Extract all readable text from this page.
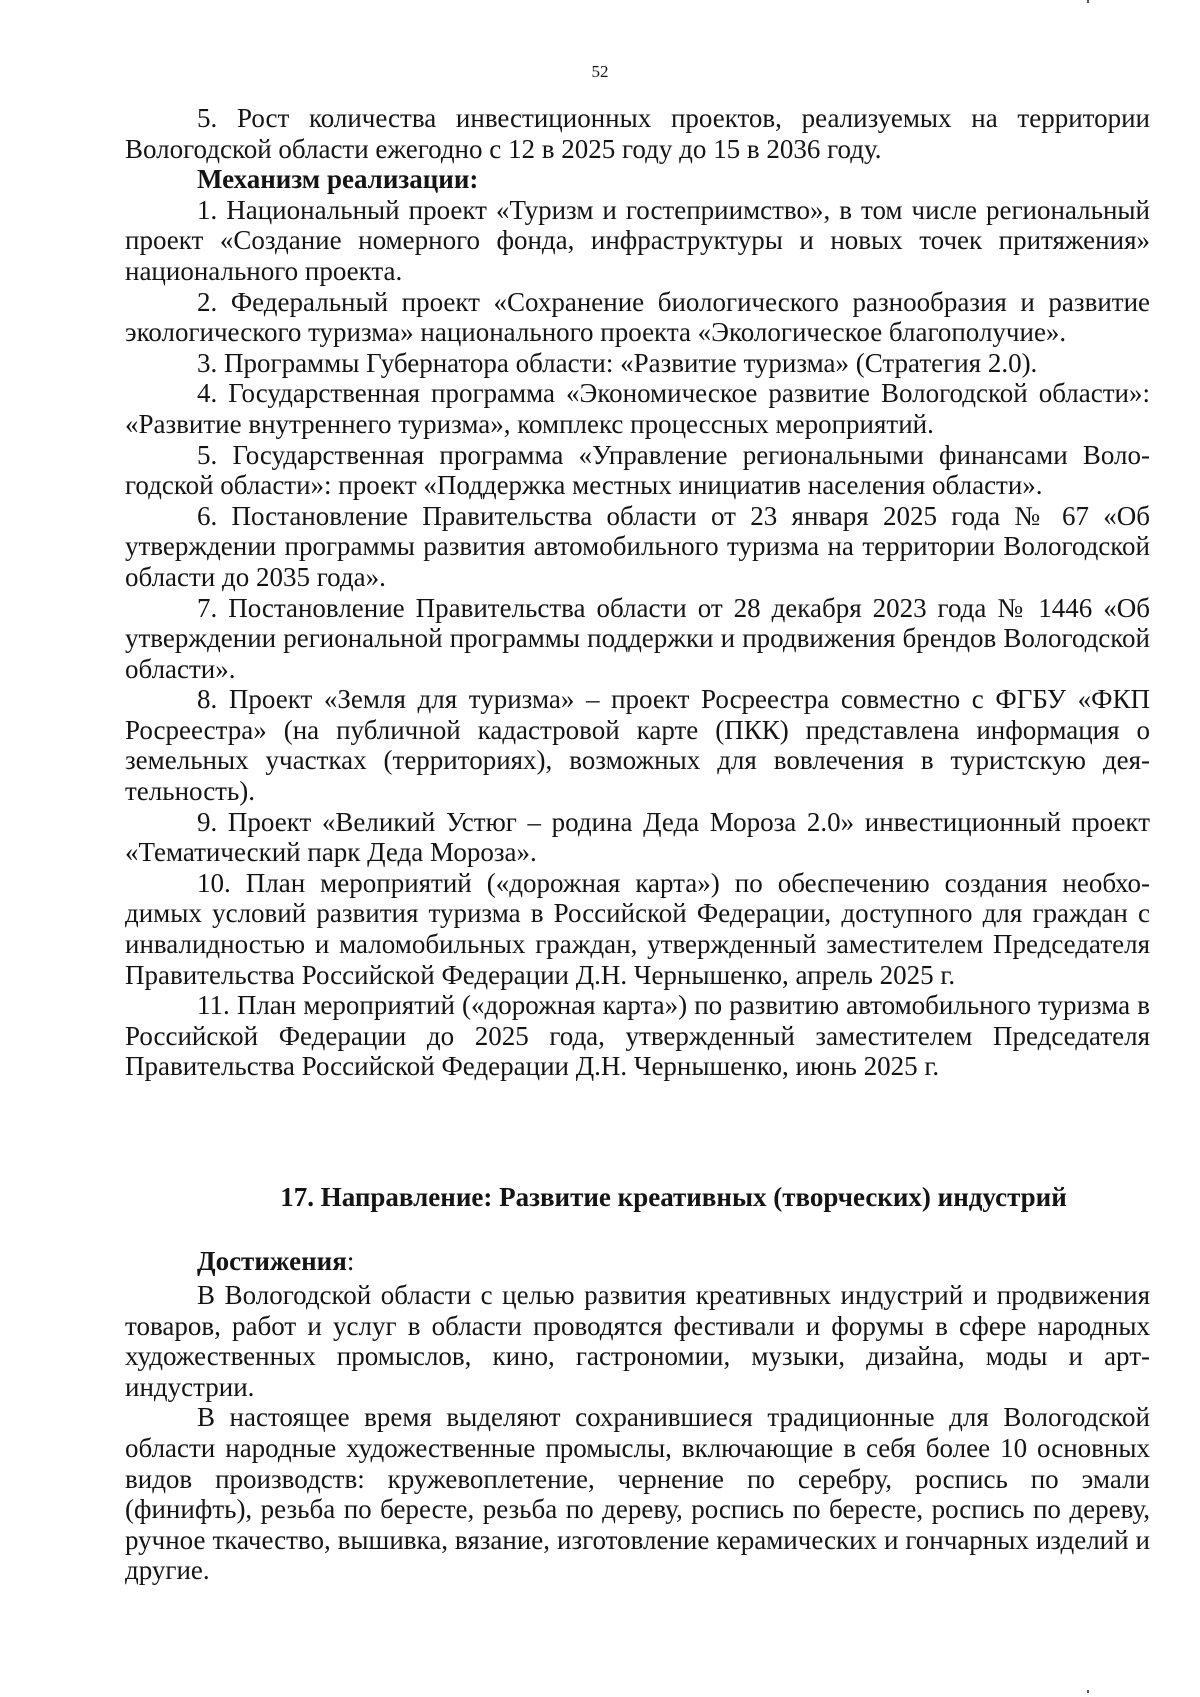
52

5. Рост количества инвестиционных проектов, реализуемых на территории Вологодской области ежегодно с 12 в 2025 году до 15 в 2036 году.

Механизм реализации:

1. Национальный проект «Туризм и гостеприимство», в том числе региональный проект «Создание номерного фонда, инфраструктуры и новых точек притяжения» национального проекта.

2. Федеральный проект «Сохранение биологического разнообразия и развитие экологического туризма» национального проекта «Экологическое благополучие».

3. Программы Губернатора области: «Развитие туризма» (Стратегия 2.0).

4. Государственная программа «Экономическое развитие Вологодской области»: «Развитие внутреннего туризма», комплекс процессных мероприятий.

5. Государственная программа «Управление региональными финансами Вологодской области»: проект «Поддержка местных инициатив населения области».

6. Постановление Правительства области от 23 января 2025 года № 67 «Об утверждении программы развития автомобильного туризма на территории Вологодской области до 2035 года».

7. Постановление Правительства области от 28 декабря 2023 года № 1446 «Об утверждении региональной программы поддержки и продвижения брендов Вологодской области».

8. Проект «Земля для туризма» – проект Росреестра совместно с ФГБУ «ФКП Росреестра» (на публичной кадастровой карте (ПКК) представлена информация о земельных участках (территориях), возможных для вовлечения в туристскую деятельность).

9. Проект «Великий Устюг – родина Деда Мороза 2.0» инвестиционный проект «Тематический парк Деда Мороза».

10. План мероприятий («дорожная карта») по обеспечению создания необходимых условий развития туризма в Российской Федерации, доступного для граждан с инвалидностью и маломобильных граждан, утвержденный заместителем Председателя Правительства Российской Федерации Д.Н. Чернышенко, апрель 2025 г.

11. План мероприятий («дорожная карта») по развитию автомобильного туризма в Российской Федерации до 2025 года, утвержденный заместителем Председателя Правительства Российской Федерации Д.Н. Чернышенко, июнь 2025 г.

17. Направление: Развитие креативных (творческих) индустрий
Достижения:

В Вологодской области с целью развития креативных индустрий и продвижения товаров, работ и услуг в области проводятся фестивали и форумы в сфере народных художественных промыслов, кино, гастрономии, музыки, дизайна, моды и арт-индустрии.

В настоящее время выделяют сохранившиеся традиционные для Вологодской области народные художественные промыслы, включающие в себя более 10 основных видов производств: кружевоплетение, чернение по серебру, роспись по эмали (финифть), резьба по бересте, резьба по дереву, роспись по бересте, роспись по дереву, ручное ткачество, вышивка, вязание, изготовление керамических и гончарных изделий и другие.
